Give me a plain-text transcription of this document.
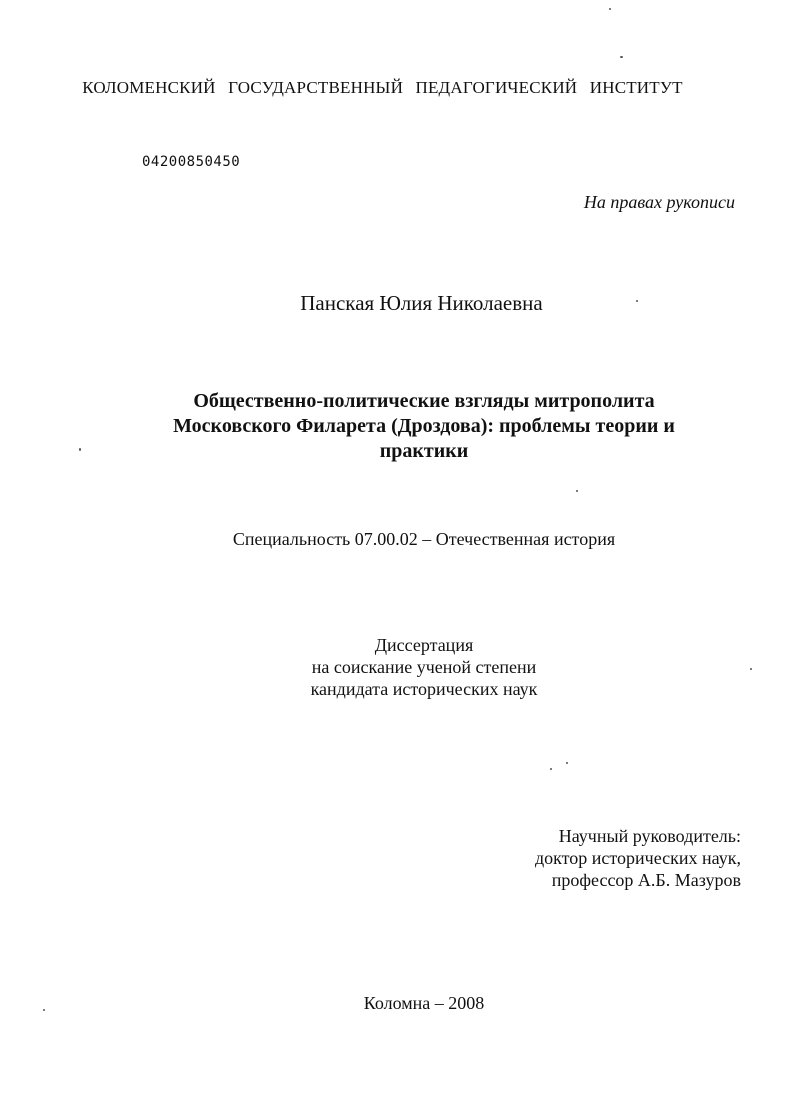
КОЛОМЕНСКИЙ ГОСУДАРСТВЕННЫЙ ПЕДАГОГИЧЕСКИЙ ИНСТИТУТ
04200850450
На правах рукописи
Панская Юлия Николаевна
Общественно-политические взгляды митрополита
Московского Филарета (Дроздова): проблемы теории и
практики
Специальность 07.00.02 – Отечественная история
Диссертация
на соискание ученой степени
кандидата исторических наук
Научный руководитель:
доктор исторических наук,
профессор А.Б. Мазуров
Коломна – 2008
